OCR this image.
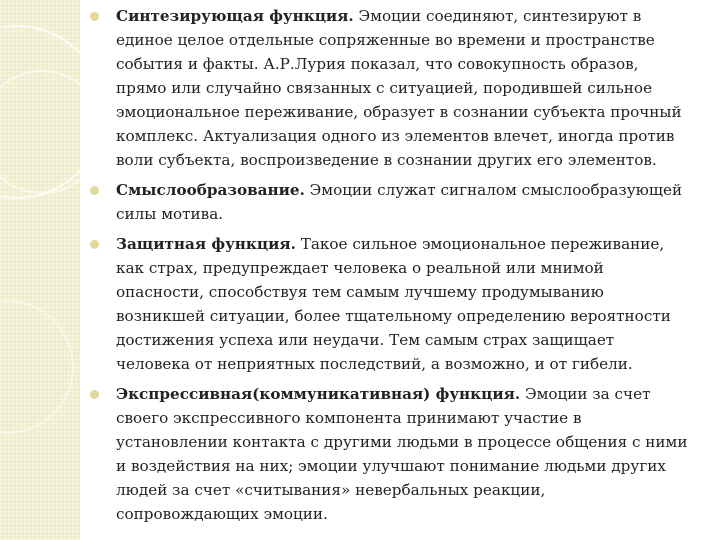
Синтезирующая функция. Эмоции соединяют, синтезируют в единое целое отдельные сопряженные во времени и пространстве события и факты. А.Р.Лурия показал, что совокупность образов, прямо или случайно связанных с ситуацией, породившей сильное эмоциональное переживание, образует в сознании субъекта прочный комплекс. Актуализация одного из элементов влечет, иногда против воли субъекта, воспроизведение в сознании других его элементов.
Смыслообразование. Эмоции служат сигналом смыслообразующей силы мотива.
Защитная функция. Такое сильное эмоциональное переживание, как страх, предупреждает человека о реальной или мнимой опасности, способствуя тем самым лучшему продумыванию возникшей ситуации, более тщательному определению вероятности достижения успеха или неудачи. Тем самым страх защищает человека от неприятных последствий, а возможно, и от гибели.
Экспрессивная(коммуникативная) функция. Эмоции за счет своего экспрессивного компонента принимают участие в установлении контакта с другими людьми в процессе общения с ними и воздействия на них; эмоции улучшают понимание людьми других людей за счет «считывания» невербальных реакции, сопровождающих эмоции.
